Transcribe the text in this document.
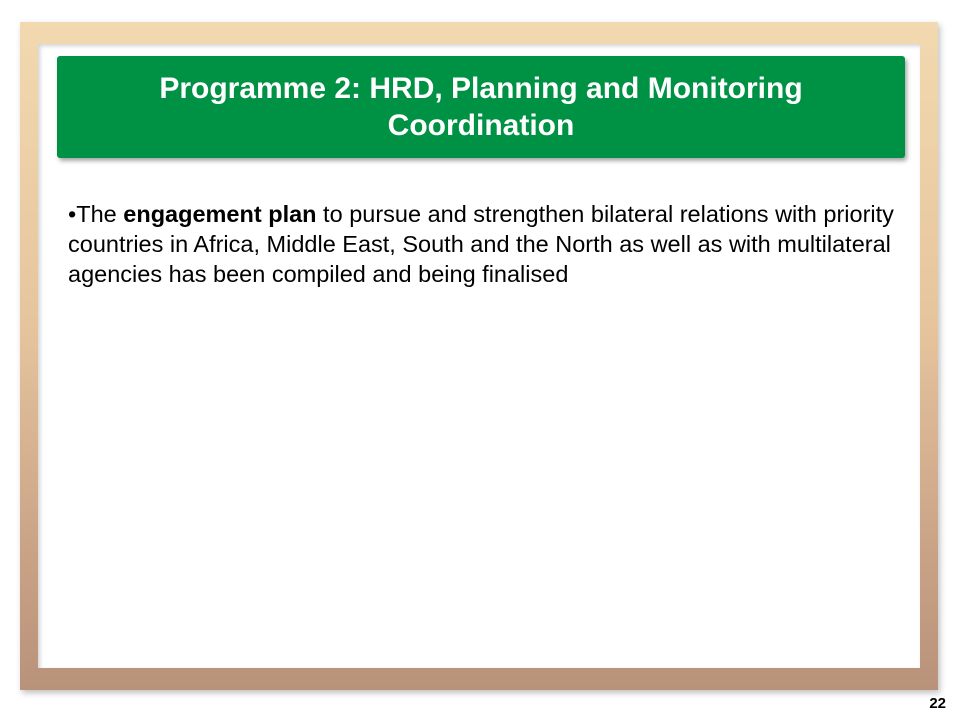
Programme 2: HRD, Planning and Monitoring Coordination
•The engagement plan to pursue and strengthen bilateral relations with priority countries in Africa, Middle East, South and the North as well as with multilateral agencies has been compiled and being finalised
22
